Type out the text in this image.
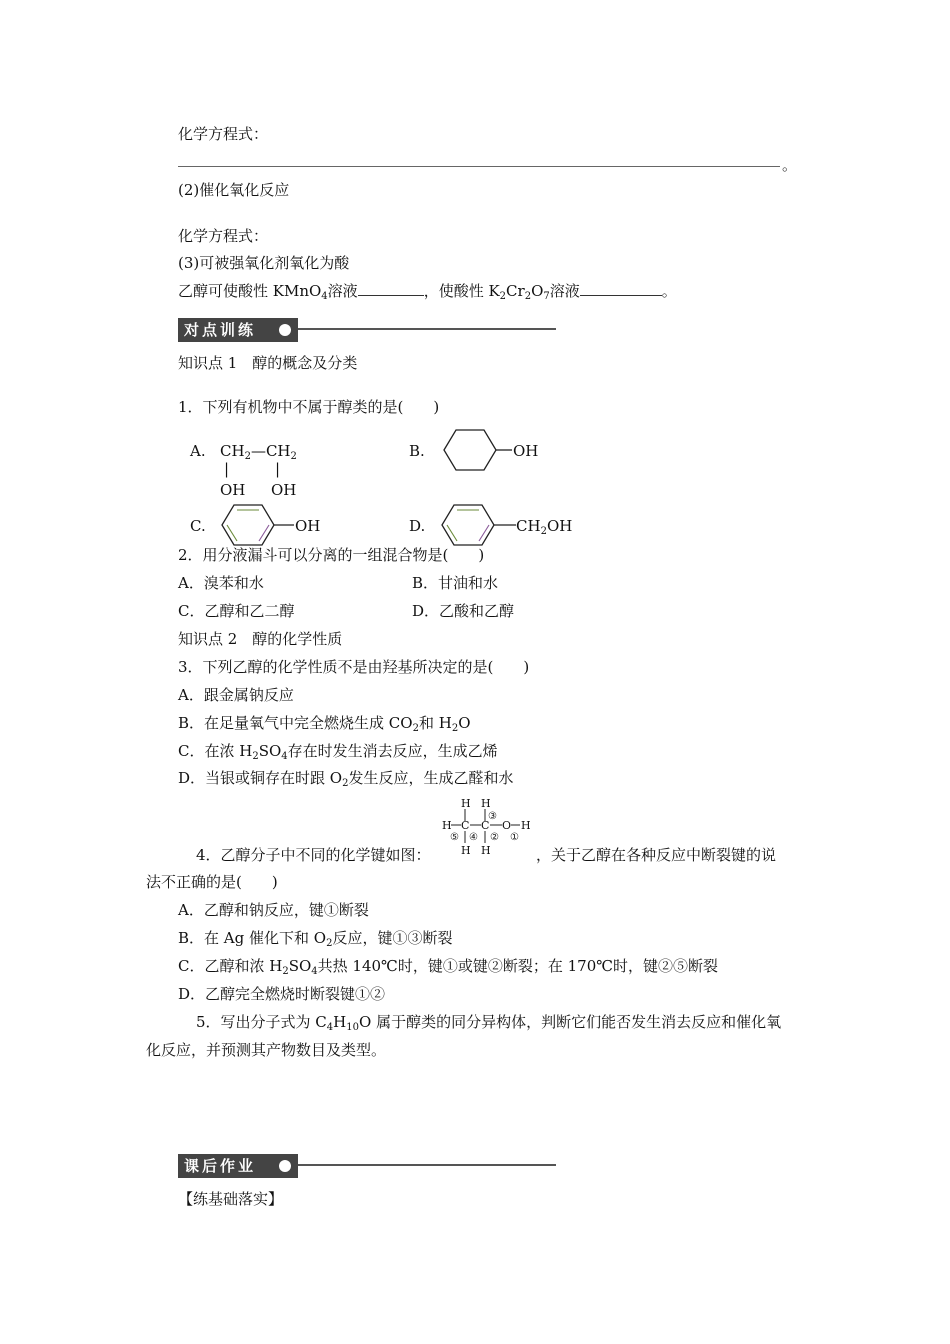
化学方程式：
。
(2)催化氧化反应
化学方程式：
(3)可被强氧化剂氧化为酸
乙醇可使酸性 KMnO$_4$溶液	，使酸性 $K_2Cr_2O_7$溶液	。
对点训练
知识点 1　醇的概念及分类
1．下列有机物中不属于醇类的是(　　)
A. $CH_2—CH_2$
|	|
OH OH
B.	OH
C.	OH	D.	$CH_2OH$
2．用分液漏斗可以分离的一组混合物是(　　)
A．溴苯和水	B．甘油和水
C．乙醇和乙二醇	D．乙酸和乙醇
知识点 2　醇的化学性质
3．下列乙醇的化学性质不是由羟基所决定的是(　　)
A．跟金属钠反应
B．在足量氧气中完全燃烧生成 $CO_2$和 $H_2O$
C．在浓 $H_2SO_4$存在时发生消去反应，生成乙烯
D．当银或铜存在时跟 $O_2$发生反应，生成乙醛和水
H H
③
H C C O H
⑤ ④ ② ①
H H
4．乙醇分子中不同的化学键如图：	，关于乙醇在各种反应中断裂键的说
法不正确的是(　　)
A．乙醇和钠反应，键①断裂
B．在 Ag 催化下和 $O_2$反应，键①③断裂
C．乙醇和浓 $H_2SO_4$共热 140℃时，键①或键②断裂；在 170℃时，键②⑤断裂
D．乙醇完全燃烧时断裂键①②
5．写出分子式为 $C_4H_{10}O$ 属于醇类的同分异构体，判断它们能否发生消去反应和催化氧
化反应，并预测其产物数目及类型。
课后作业
【练基础落实】
